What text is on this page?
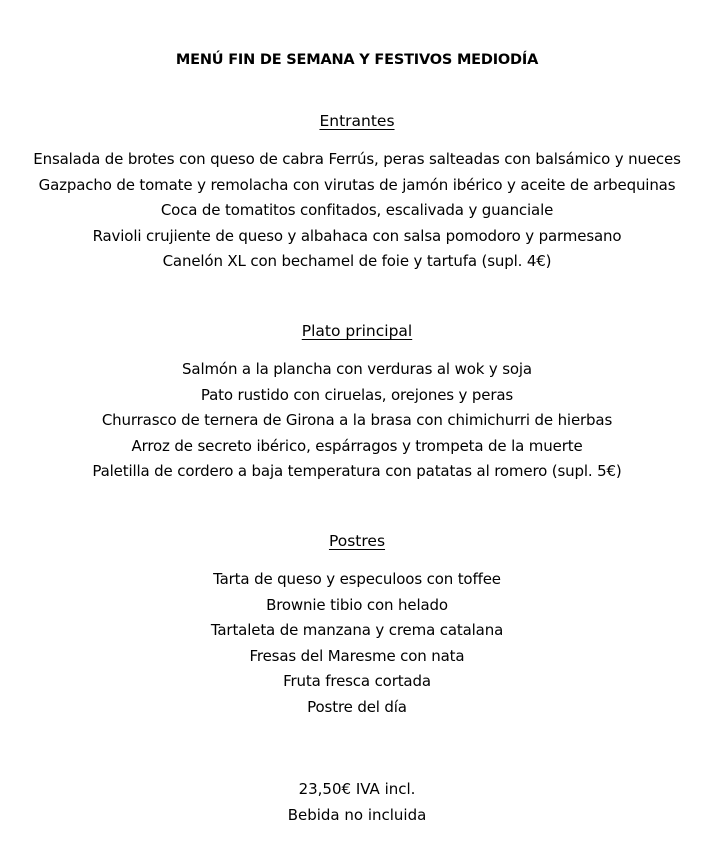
MENÚ FIN DE SEMANA Y FESTIVOS MEDIODÍA
Entrantes
Ensalada de brotes con queso de cabra Ferrús, peras salteadas con balsámico y nueces
Gazpacho de tomate y remolacha con virutas de jamón ibérico y aceite de arbequinas
Coca de tomatitos confitados, escalivada y guanciale
Ravioli crujiente de queso y albahaca con salsa pomodoro y parmesano
Canelón XL con bechamel de foie y tartufa (supl. 4€)
Plato principal
Salmón a la plancha con verduras al wok y soja
Pato rustido con ciruelas, orejones y peras
Churrasco de ternera de Girona a la brasa con chimichurri de hierbas
Arroz de secreto ibérico, espárragos y trompeta de la muerte
Paletilla de cordero a baja temperatura con patatas al romero (supl. 5€)
Postres
Tarta de queso y especuloos con toffee
Brownie tibio con helado
Tartaleta de manzana y crema catalana
Fresas del Maresme con nata
Fruta fresca cortada
Postre del día
23,50€ IVA incl.
Bebida no incluida
